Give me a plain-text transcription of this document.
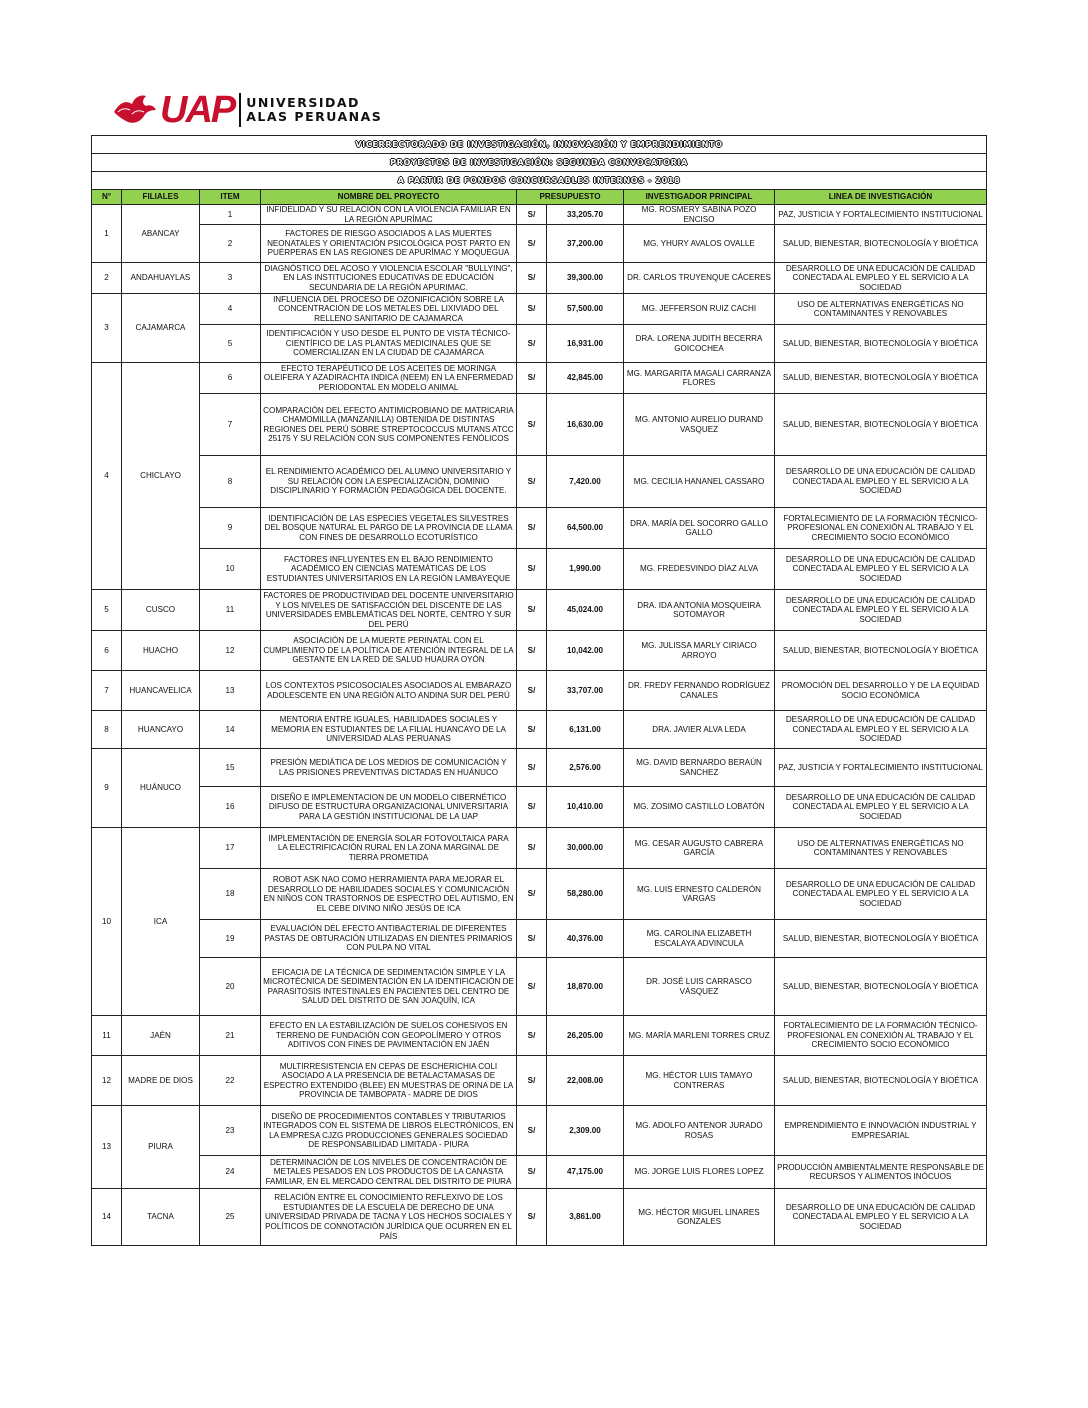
UAP UNIVERSIDAD
ALAS PERUANAS
VICERRECTORADO DE INVESTIGACIÓN, INNOVACIÓN Y EMPRENDIMIENTO							
PROYECTOS DE INVESTIGACIÓN: SEGUNDA CONVOCATORIA							
A PARTIR DE FONDOS CONCURSABLES INTERNOS - 2018							
N°	FILIALES	ITEM	NOMBRE DEL PROYECTO	PRESUPUESTO		INVESTIGADOR PRINCIPAL	LINEA DE INVESTIGACIÓN
1	ABANCAY	1	INFIDELIDAD Y SU RELACIÓN CON LA VIOLENCIA FAMILIAR EN LA REGIÓN APURÍMAC	S/	33,205.70	MG. ROSMERY SABINA POZO ENCISO	PAZ, JUSTICIA Y FORTALECIMIENTO INSTITUCIONAL
		2	FACTORES DE RIESGO ASOCIADOS A LAS MUERTES NEONATALES Y ORIENTACIÓN PSICOLÓGICA POST PARTO EN PUÉRPERAS EN LAS REGIONES DE APURÍMAC Y MOQUEGUA	S/	37,200.00	MG. YHURY AVALOS OVALLE	SALUD, BIENESTAR, BIOTECNOLOGÍA Y BIOÉTICA
2	ANDAHUAYLAS	3	DIAGNÓSTICO DEL ACOSO Y VIOLENCIA ESCOLAR "BULLYING", EN LAS INSTITUCIONES EDUCATIVAS DE EDUCACIÓN SECUNDARIA DE LA REGIÓN APURIMAC.	S/	39,300.00	DR. CARLOS TRUYENQUE CÁCERES	DESARROLLO DE UNA EDUCACIÓN DE CALIDAD CONECTADA AL EMPLEO Y EL SERVICIO A LA SOCIEDAD
3	CAJAMARCA	4	INFLUENCIA DEL PROCESO DE OZONIFICACIÓN SOBRE LA CONCENTRACIÓN DE LOS METALES DEL LIXIVIADO DEL RELLENO SANITARIO DE CAJAMARCA	S/	57,500.00	MG. JEFFERSON RUIZ CACHI	USO DE ALTERNATIVAS ENERGÉTICAS NO CONTAMINANTES Y RENOVABLES
		5	IDENTIFICACIÓN Y USO DESDE EL PUNTO DE VISTA TÉCNICO-CIENTÍFICO DE LAS PLANTAS MEDICINALES QUE SE COMERCIALIZAN EN LA CIUDAD DE CAJAMARCA	S/	16,931.00	DRA. LORENA JUDITH BECERRA GOICOCHEA	SALUD, BIENESTAR, BIOTECNOLOGÍA Y BIOÉTICA
4	CHICLAYO	6	EFECTO TERAPÉUTICO DE LOS ACEITES DE MORINGA OLEIFERA Y AZADIRACHTA INDICA (NEEM) EN LA ENFERMEDAD PERIODONTAL EN MODELO ANIMAL	S/	42,845.00	MG. MARGARITA MAGALI CARRANZA FLORES	SALUD, BIENESTAR, BIOTECNOLOGÍA Y BIOÉTICA
		7	COMPARACIÓN DEL EFECTO ANTIMICROBIANO DE MATRICARIA CHAMOMILLA (MANZANILLA) OBTENIDA DE DISTINTAS REGIONES DEL PERÚ SOBRE STREPTOCOCCUS MUTANS ATCC 25175 Y SU RELACIÓN CON SUS COMPONENTES FENÓLICOS	S/	16,630.00	MG. ANTONIO AURELIO DURAND VASQUEZ	SALUD, BIENESTAR, BIOTECNOLOGÍA Y BIOÉTICA
		8	EL RENDIMIENTO ACADÉMICO DEL ALUMNO UNIVERSITARIO Y SU RELACIÓN CON LA ESPECIALIZACIÓN, DOMINIO DISCIPLINARIO Y FORMACIÓN PEDAGÓGICA DEL DOCENTE.	S/	7,420.00	MG. CECILIA HANANEL CASSARO	DESARROLLO DE UNA EDUCACIÓN DE CALIDAD CONECTADA AL EMPLEO Y EL SERVICIO A LA SOCIEDAD
		9	IDENTIFICACIÓN DE LAS ESPECIES VEGETALES SILVESTRES DEL BOSQUE NATURAL EL PARGO DE LA PROVINCIA DE LLAMA CON FINES DE DESARROLLO ECOTURÍSTICO	S/	64,500.00	DRA. MARÍA DEL SOCORRO GALLO GALLO	FORTALECIMIENTO DE LA FORMACIÓN TÉCNICO-PROFESIONAL EN CONEXIÓN AL TRABAJO Y EL CRECIMIENTO SOCIO ECONÓMICO
		10	FACTORES INFLUYENTES EN EL BAJO RENDIMIENTO ACADÉMICO EN CIENCIAS MATEMÁTICAS DE LOS ESTUDIANTES UNIVERSITARIOS EN LA REGIÓN LAMBAYEQUE	S/	1,990.00	MG. FREDESVINDO DÍAZ ALVA	DESARROLLO DE UNA EDUCACIÓN DE CALIDAD CONECTADA AL EMPLEO Y EL SERVICIO A LA SOCIEDAD
5	CUSCO	11	FACTORES DE PRODUCTIVIDAD DEL DOCENTE UNIVERSITARIO Y LOS NIVELES DE SATISFACCIÓN DEL DISCENTE DE LAS UNIVERSIDADES EMBLEMÁTICAS DEL NORTE, CENTRO Y SUR DEL PERÚ	S/	45,024.00	DRA. IDA ANTONIA MOSQUEIRA SOTOMAYOR	DESARROLLO DE UNA EDUCACIÓN DE CALIDAD CONECTADA AL EMPLEO Y EL SERVICIO A LA SOCIEDAD
6	HUACHO	12	ASOCIACIÓN DE LA MUERTE PERINATAL CON EL CUMPLIMIENTO DE LA POLÍTICA DE ATENCIÓN INTEGRAL DE LA GESTANTE EN LA RED DE SALUD HUAURA OYÓN	S/	10,042.00	MG. JULISSA MARLY CIRIACO ARROYO	SALUD, BIENESTAR, BIOTECNOLOGÍA Y BIOÉTICA
7	HUANCAVELICA	13	LOS CONTEXTOS PSICOSOCIALES ASOCIADOS AL EMBARAZO ADOLESCENTE EN UNA REGIÓN ALTO ANDINA SUR DEL PERÚ	S/	33,707.00	DR. FREDY FERNANDO RODRÍGUEZ CANALES	PROMOCIÓN DEL DESARROLLO Y DE LA EQUIDAD SOCIO ECONÓMICA
8	HUANCAYO	14	MENTORIA ENTRE IGUALES, HABILIDADES SOCIALES Y MEMORIA EN ESTUDIANTES DE LA FILIAL HUANCAYO DE LA UNIVERSIDAD ALAS PERUANAS	S/	6,131.00	DRA. JAVIER ALVA LEDA	DESARROLLO DE UNA EDUCACIÓN DE CALIDAD CONECTADA AL EMPLEO Y EL SERVICIO A LA SOCIEDAD
9	HUÁNUCO	15	PRESIÓN MEDIÁTICA DE LOS MEDIOS DE COMUNICACIÓN Y LAS PRISIONES PREVENTIVAS DICTADAS EN HUÁNUCO	S/	2,576.00	MG. DAVID BERNARDO BERAÚN SANCHEZ	PAZ, JUSTICIA Y FORTALECIMIENTO INSTITUCIONAL
		16	DISEÑO E IMPLEMENTACION DE UN MODELO CIBERNÉTICO DIFUSO DE ESTRUCTURA ORGANIZACIONAL UNIVERSITARIA PARA LA GESTIÓN INSTITUCIONAL DE LA UAP	S/	10,410.00	MG. ZOSIMO CASTILLO LOBATÓN	DESARROLLO DE UNA EDUCACIÓN DE CALIDAD CONECTADA AL EMPLEO Y EL SERVICIO A LA SOCIEDAD
10	ICA	17	IMPLEMENTACIÓN DE ENERGÍA SOLAR FOTOVOLTAICA PARA LA ELECTRIFICACIÓN RURAL EN LA ZONA MARGINAL DE TIERRA PROMETIDA	S/	30,000.00	MG. CESAR AUGUSTO CABRERA GARCÍA	USO DE ALTERNATIVAS ENERGÉTICAS NO CONTAMINANTES Y RENOVABLES
		18	ROBOT ASK NAO COMO HERRAMIENTA PARA MEJORAR EL DESARROLLO DE HABILIDADES SOCIALES Y COMUNICACIÓN EN NIÑOS CON TRASTORNOS DE ESPECTRO DEL AUTISMO, EN EL CEBE DIVINO NIÑO JESÚS DE ICA	S/	58,280.00	MG. LUIS ERNESTO CALDERÓN VARGAS	DESARROLLO DE UNA EDUCACIÓN DE CALIDAD CONECTADA AL EMPLEO Y EL SERVICIO A LA SOCIEDAD
		19	EVALUACIÓN DEL EFECTO ANTIBACTERIAL DE DIFERENTES PASTAS DE OBTURACIÓN UTILIZADAS EN DIENTES PRIMARIOS CON PULPA NO VITAL	S/	40,376.00	MG. CAROLINA ELIZABETH ESCALAYA ADVINCULA	SALUD, BIENESTAR, BIOTECNOLOGÍA Y BIOÉTICA
		20	EFICACIA DE LA TÉCNICA DE SEDIMENTACIÓN SIMPLE Y LA MICROTÉCNICA DE SEDIMENTACIÓN EN LA IDENTIFICACIÓN DE PARASITOSIS INTESTINALES EN PACIENTES DEL CENTRO DE SALUD DEL DISTRITO DE SAN JOAQUÍN, ICA	S/	18,870.00	DR. JOSÉ LUIS CARRASCO VÁSQUEZ	SALUD, BIENESTAR, BIOTECNOLOGÍA Y BIOÉTICA
11	JAÉN	21	EFECTO EN LA ESTABILIZACIÓN DE SUELOS COHESIVOS EN TERRENO DE FUNDACIÓN CON GEOPOLÍMERO Y OTROS ADITIVOS CON FINES DE PAVIMENTACIÓN EN JAÉN	S/	26,205.00	MG. MARÍA MARLENI TORRES CRUZ	FORTALECIMIENTO DE LA FORMACIÓN TÉCNICO-PROFESIONAL EN CONEXIÓN AL TRABAJO Y EL CRECIMIENTO SOCIO ECONÓMICO
12	MADRE DE DIOS	22	MULTIRRESISTENCIA EN CEPAS DE ESCHERICHIA COLI ASOCIADO A LA PRESENCIA DE BETALACTAMASAS DE ESPECTRO EXTENDIDO (BLEE) EN MUESTRAS DE ORINA DE LA PROVINCIA DE TAMBOPATA - MADRE DE DIOS	S/	22,008.00	MG. HÉCTOR LUIS TAMAYO CONTRERAS	SALUD, BIENESTAR, BIOTECNOLOGÍA Y BIOÉTICA
13	PIURA	23	DISEÑO DE PROCEDIMIENTOS CONTABLES Y TRIBUTARIOS INTEGRADOS CON EL SISTEMA DE LIBROS ELECTRÓNICOS, EN LA EMPRESA CJZG PRODUCCIONES GENERALES SOCIEDAD DE RESPONSABILIDAD LIMITADA - PIURA	S/	2,309.00	MG. ADOLFO ANTENOR JURADO ROSAS	EMPRENDIMIENTO E INNOVACIÓN INDUSTRIAL Y EMPRESARIAL
		24	DETERMINACIÓN DE LOS NIVELES DE CONCENTRACIÓN DE METALES PESADOS EN LOS PRODUCTOS DE LA CANASTA FAMILIAR, EN EL MERCADO CENTRAL DEL DISTRITO DE PIURA	S/	47,175.00	MG. JORGE LUIS FLORES LOPEZ	PRODUCCIÓN AMBIENTALMENTE RESPONSABLE DE RECURSOS Y ALIMENTOS INÓCUOS
14	TACNA	25	RELACIÓN ENTRE EL CONOCIMIENTO REFLEXIVO DE LOS ESTUDIANTES DE LA ESCUELA DE DERECHO DE UNA UNIVERSIDAD PRIVADA DE TACNA Y LOS HECHOS SOCIALES Y POLÍTICOS DE CONNOTACIÓN JURÍDICA QUE OCURREN EN EL PAÍS	S/	3,861.00	MG. HÉCTOR MIGUEL LINARES GONZALES	DESARROLLO DE UNA EDUCACIÓN DE CALIDAD CONECTADA AL EMPLEO Y EL SERVICIO A LA SOCIEDAD
